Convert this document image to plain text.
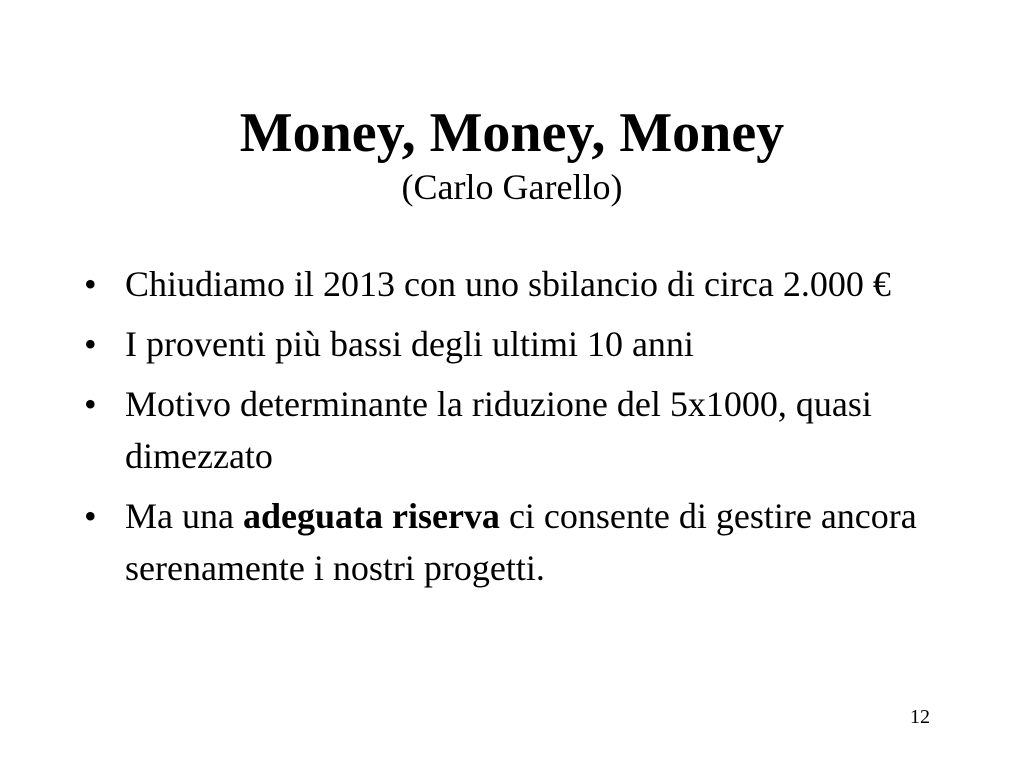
Money, Money, Money
(Carlo Garello)
• Chiudiamo il 2013 con uno sbilancio di circa 2.000 €
• I proventi più bassi degli ultimi 10 anni
• Motivo determinante la riduzione del 5x1000, quasi dimezzato
• Ma una adeguata riserva ci consente di gestire ancora serenamente i nostri progetti.
12
